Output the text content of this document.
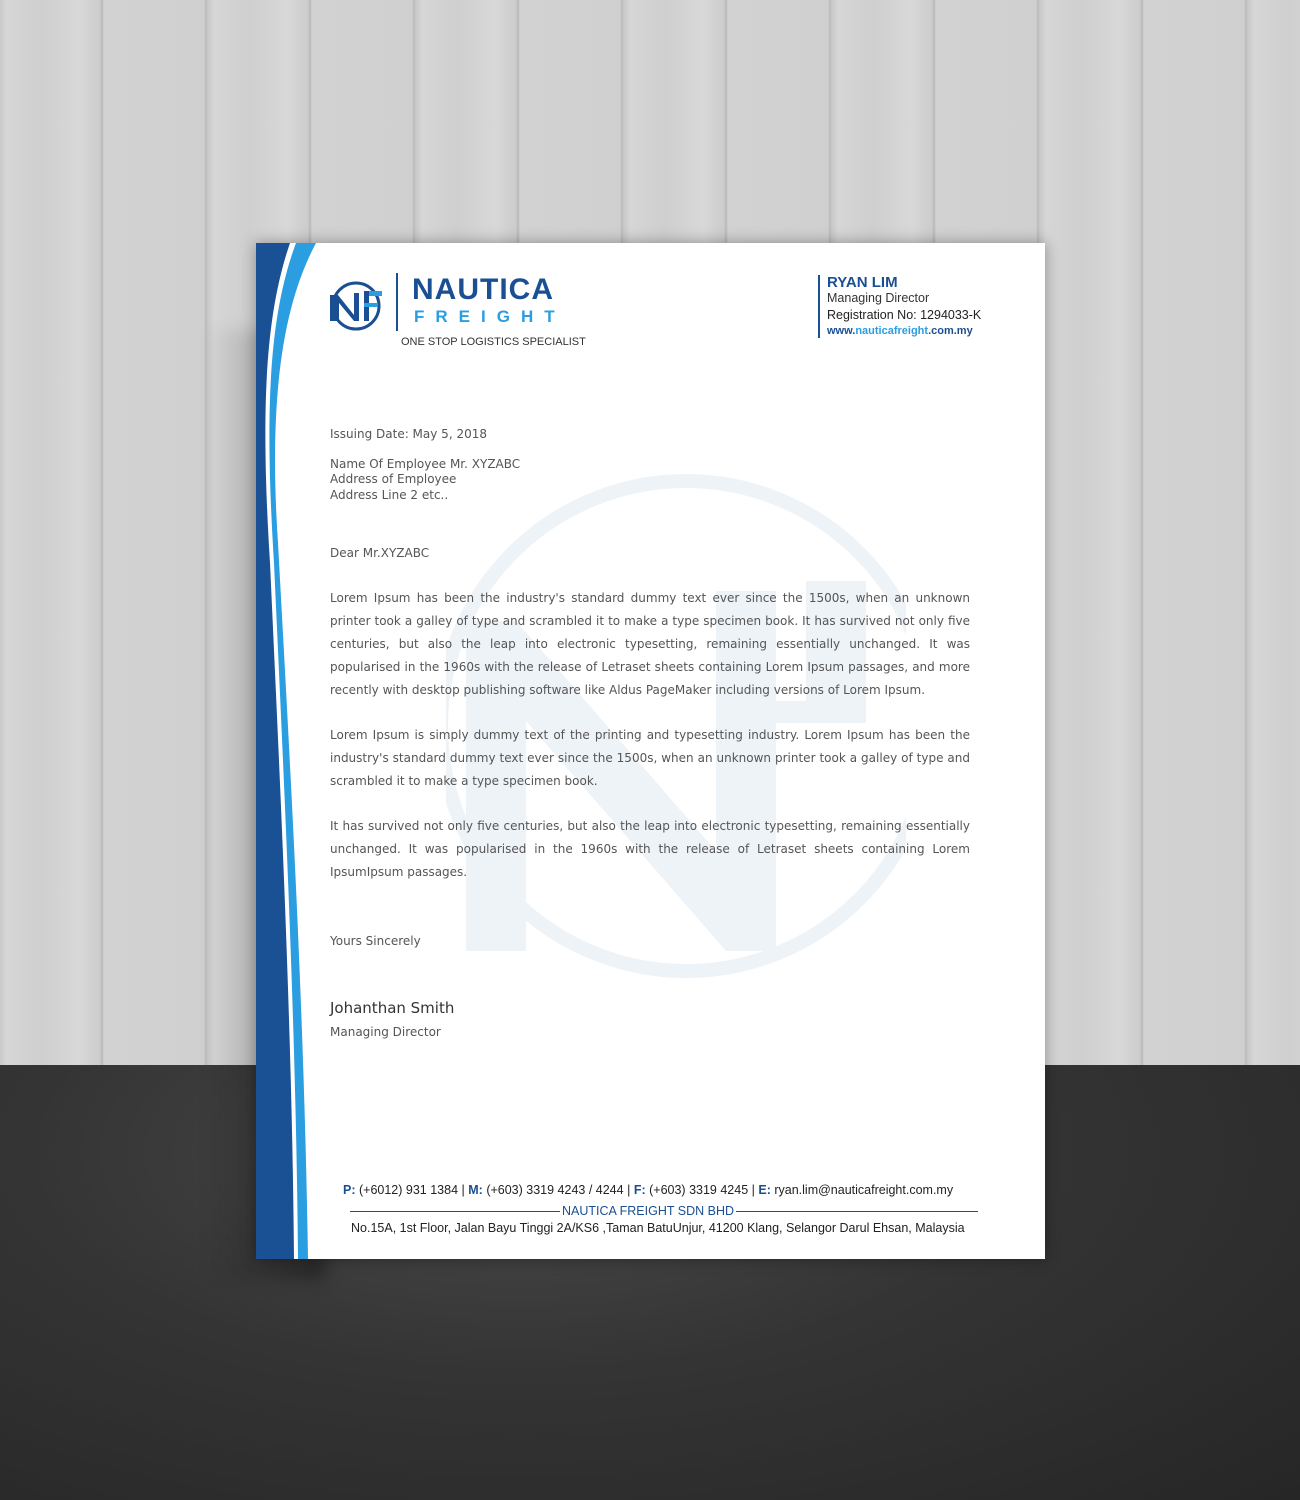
NAUTICA
FREIGHT
ONE STOP LOGISTICS SPECIALIST
RYAN LIM
Managing Director
Registration No: 1294033-K
www.nauticafreight.com.my
Issuing Date: May 5, 2018
Name Of Employee Mr. XYZABC
Address of Employee
Address Line 2 etc..
Dear Mr.XYZABC
Lorem Ipsum has been the industry's standard dummy text ever since the 1500s, when an unknown printer took a galley of type and scrambled it to make a type specimen book. It has survived not only five centuries, but also the leap into electronic typesetting, remaining essentially unchanged. It was popularised in the 1960s with the release of Letraset sheets containing Lorem Ipsum passages, and more recently with desktop publishing software like Aldus PageMaker including versions of Lorem Ipsum.
Lorem Ipsum is simply dummy text of the printing and typesetting industry. Lorem Ipsum has been the industry's standard dummy text ever since the 1500s, when an unknown printer took a galley of type and scrambled it to make a type specimen book.
It has survived not only five centuries, but also the leap into electronic typesetting, remaining essentially unchanged. It was popularised in the 1960s with the release of Letraset sheets containing Lorem IpsumIpsum passages.
Yours Sincerely
Johanthan Smith
Managing Director
P: (+6012) 931 1384 | M: (+603) 3319 4243 / 4244 | F: (+603) 3319 4245 | E: ryan.lim@nauticafreight.com.my
NAUTICA FREIGHT SDN BHD
No.15A, 1st Floor, Jalan Bayu Tinggi 2A/KS6 ,Taman BatuUnjur, 41200 Klang, Selangor Darul Ehsan, Malaysia
